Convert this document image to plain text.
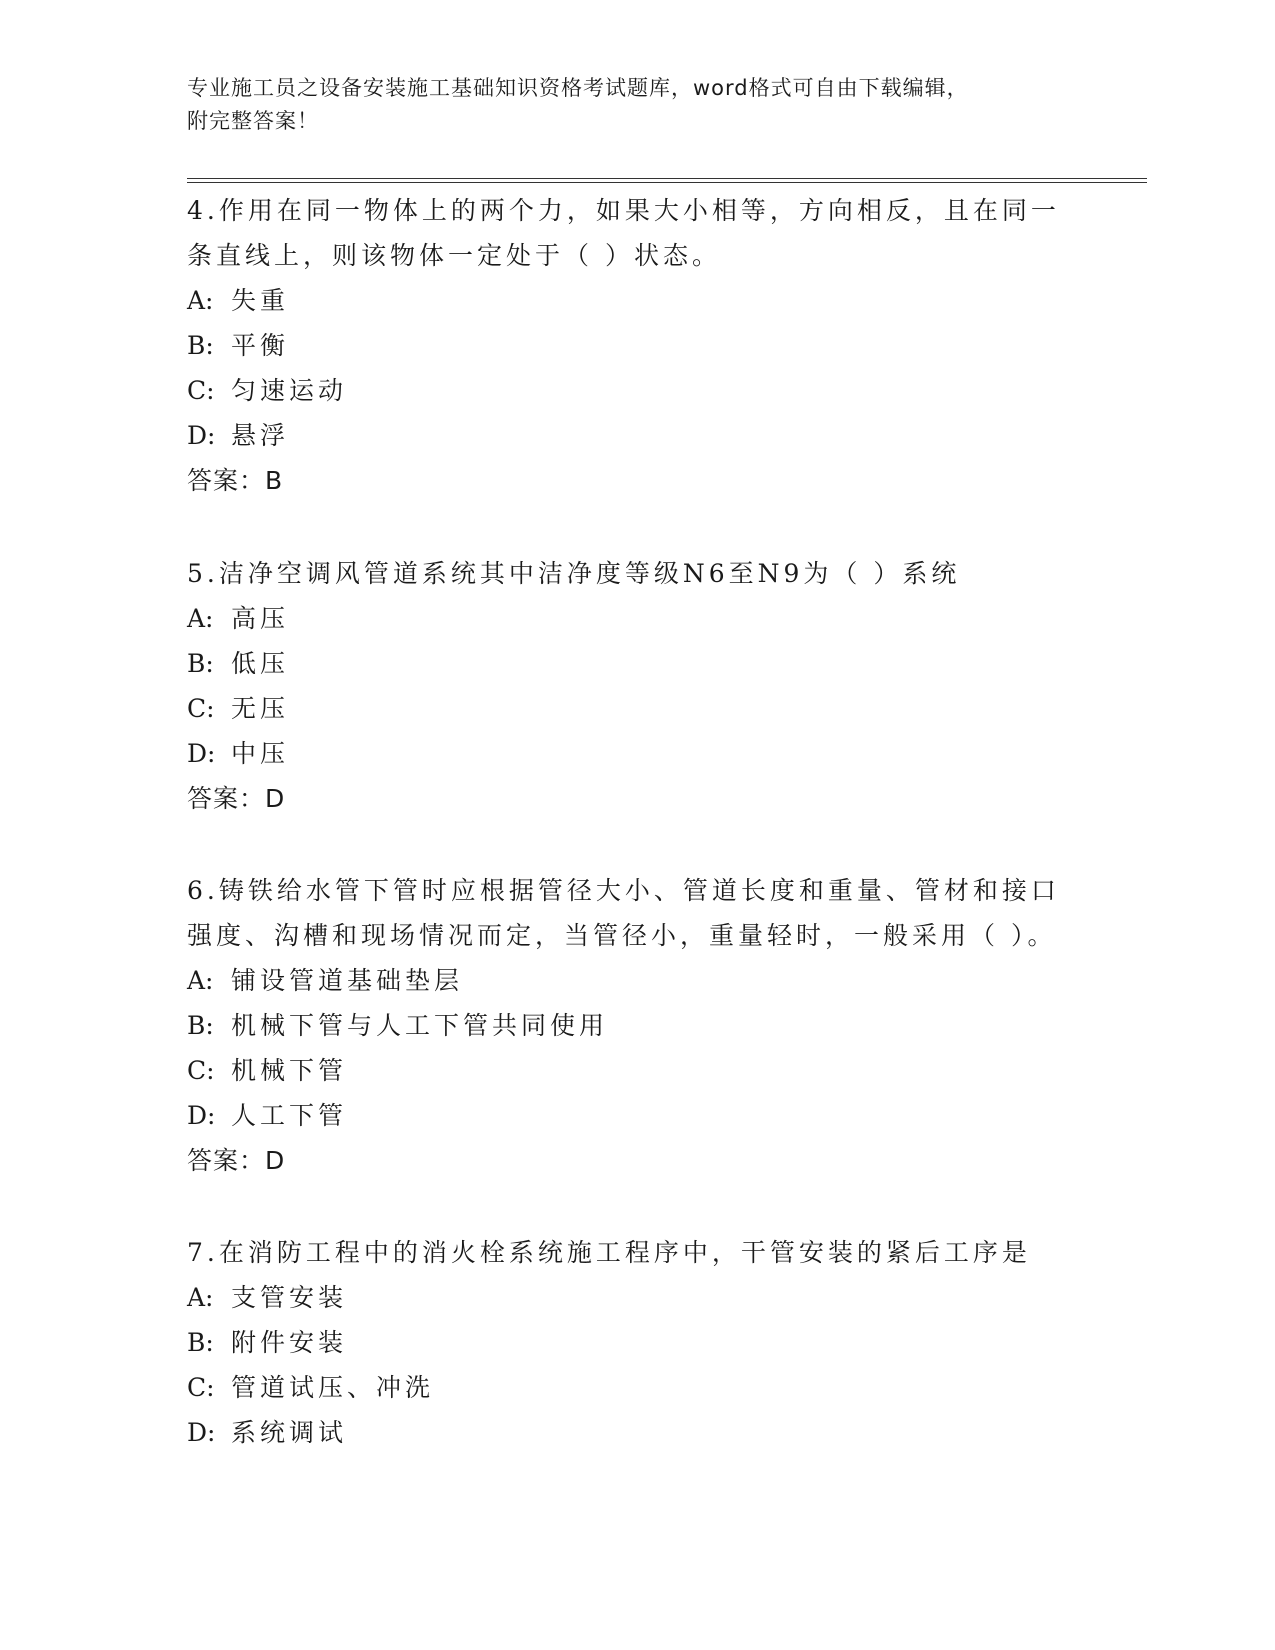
专业施工员之设备安装施工基础知识资格考试题库，word格式可自由下载编辑，
附完整答案！
4.作用在同一物体上的两个力，如果大小相等，方向相反，且在同一
条直线上，则该物体一定处于（ ）状态。
A: 失重
B: 平衡
C: 匀速运动
D: 悬浮
答案：B
5.洁净空调风管道系统其中洁净度等级N6至N9为（ ）系统
A: 高压
B: 低压
C: 无压
D: 中压
答案：D
6.铸铁给水管下管时应根据管径大小、管道长度和重量、管材和接口
强度、沟槽和现场情况而定，当管径小，重量轻时，一般采用（ ）。
A: 铺设管道基础垫层
B: 机械下管与人工下管共同使用
C: 机械下管
D: 人工下管
答案：D
7.在消防工程中的消火栓系统施工程序中，干管安装的紧后工序是
A: 支管安装
B: 附件安装
C: 管道试压、冲洗
D: 系统调试
